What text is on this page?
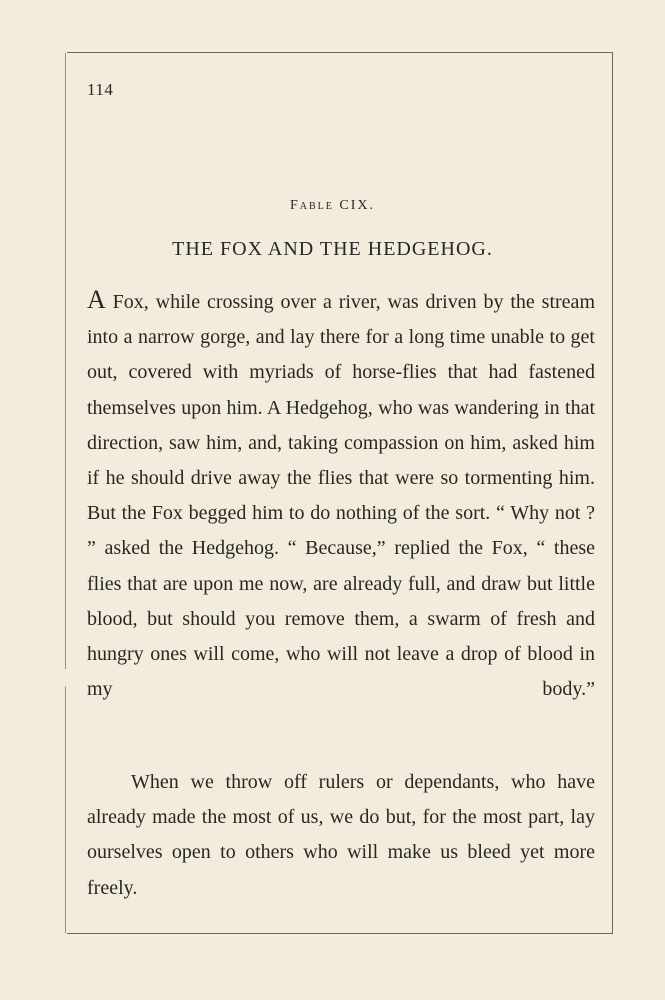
114
Fable CIX.
THE FOX AND THE HEDGEHOG.

A Fox, while crossing over a river, was driven by the stream into a narrow gorge, and lay there for a long time unable to get out, covered with myriads of horse-flies that had fastened themselves upon him. A Hedgehog, who was wandering in that direction, saw him, and, taking compassion on him, asked him if he should drive away the flies that were so tormenting him. But the Fox begged him to do nothing of the sort. “ Why not ? ” asked the Hedgehog. “ Because,” replied the Fox, “ these flies that are upon me now, are already full, and draw but little blood, but should you remove them, a swarm of fresh and hungry ones will come, who will not leave a drop of blood in my body.”

When we throw off rulers or dependants, who have already made the most of us, we do but, for the most part, lay ourselves open to others who will make us bleed yet more freely.
